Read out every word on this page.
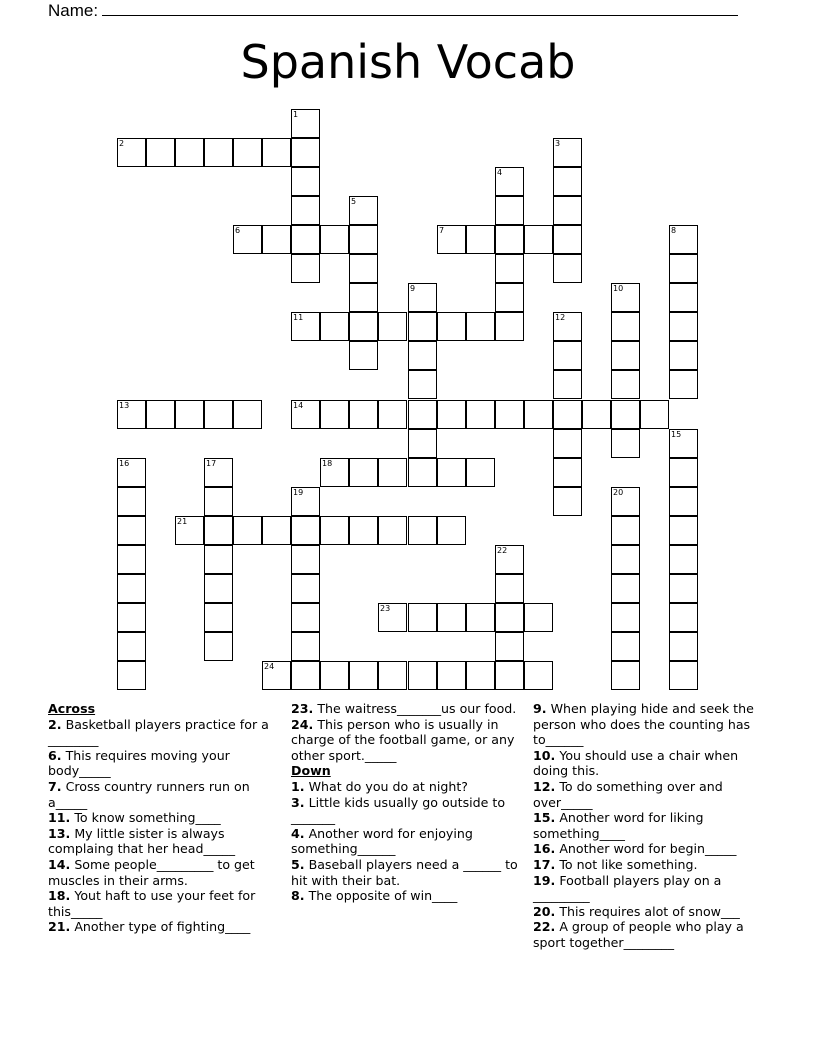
Name:
Spanish Vocab
1
2	3
4
5
6	7	8
9	10
11	12
13	14
15
16	17	18
19	20
21
22
23
24
Across
2. Basketball players practice for a ________
6. This requires moving your body_____
7. Cross country runners run on a_____
11. To know something____
13. My little sister is always complaing that her head_____
14. Some people_________ to get muscles in their arms.
18. Yout haft to use your feet for this_____
21. Another type of fighting____
23. The waitress_______us our food.
24. This person who is usually in charge of the football game, or any other sport._____
Down
1. What do you do at night?
3. Little kids usually go outside to _______
4. Another word for enjoying something______
5. Baseball players need a ______ to hit with their bat.
8. The opposite of win____
9. When playing hide and seek the person who does the counting has to______
10. You should use a chair when doing this.
12. To do something over and over_____
15. Another word for liking something____
16. Another word for begin_____
17. To not like something.
19. Football players play on a _________
20. This requires alot of snow___
22. A group of people who play a sport together________
